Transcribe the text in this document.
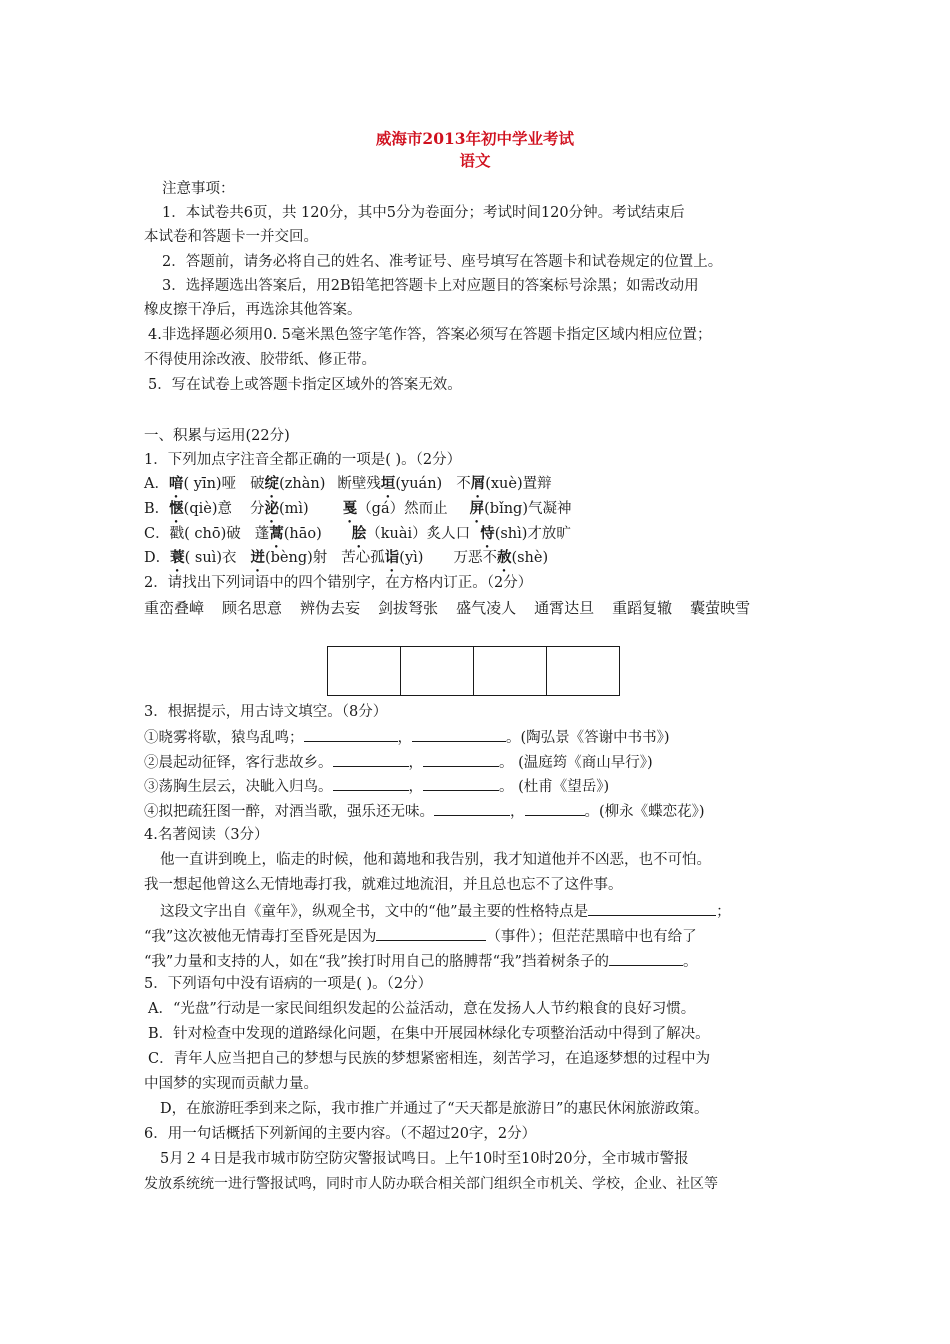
威海市2013年初中学业考试
语文
注意事项：
1．本试卷共6页，共 120分，其中5分为卷面分；考试时间120分钟。考试结束后
本试卷和答题卡一并交回。
2．答题前，请务必将自己的姓名、准考证号、座号填写在答题卡和试卷规定的位置上。
3．选择题选出答案后，用2B铅笔把答题卡上对应题目的答案标号涂黑；如需改动用
橡皮擦干净后，再选涂其他答案。
4.非选择题必须用0. 5毫米黑色签字笔作答，答案必须写在答题卡指定区域内相应位置；
不得使用涂改液、胶带纸、修正带。
5．写在试卷上或答题卡指定区域外的答案无效。
一、积累与运用(22分)
1．下列加点字注音全都正确的一项是( )。（2分）
A．喑( yīn)哑 破绽(zhàn) 断壁残垣(yuán) 不屑(xuè)置辩
B．惬(qiè)意 分泌(mì) 戛（gá）然而止 屏(bǐng)气凝神
C．戳( chō)破 蓬蒿(hāo) 脍（kuài）炙人口 恃(shì)才放旷
D．蓑( suì)衣 迸(bèng)射 苦心孤诣(yì) 万恶不赦(shè)
2．请找出下列词语中的四个错别字，在方格内订正。（2分）
重峦叠嶂 顾名思意 辨伪去妄 剑拔弩张 盛气凌人 通霄达旦 重蹈复辙 囊萤映雪

3．根据提示，用古诗文填空。（8分）
①晓雾将歇，猿鸟乱鸣；	，	。(陶弘景《答谢中书书》)
②晨起动征铎，客行悲故乡。	，	。 (温庭筠《商山早行》)
③荡胸生层云，决眦入归鸟。	，	。 (杜甫《望岳》)
④拟把疏狂图一醉，对酒当歌，强乐还无味。	，	。(柳永《蝶恋花》)
4.名著阅读（3分）
他一直讲到晚上，临走的时候，他和蔼地和我告别，我才知道他并不凶恶，也不可怕。
我一想起他曾这么无情地毒打我，就难过地流泪，并且总也忘不了这件事。
这段文字出自《童年》，纵观全书，文中的“他”最主要的性格特点是	；
“我”这次被他无情毒打至昏死是因为	（事件）；但茫茫黑暗中也有给了
“我”力量和支持的人，如在“我”挨打时用自己的胳膊帮“我”挡着树条子的	。
5．下列语句中没有语病的一项是( )。（2分）
A．“光盘”行动是一家民间组织发起的公益活动，意在发扬人人节约粮食的良好习惯。
B．针对检查中发现的道路绿化问题，在集中开展园林绿化专项整治活动中得到了解决。
C．青年人应当把自己的梦想与民族的梦想紧密相连，刻苦学习，在追逐梦想的过程中为
中国梦的实现而贡献力量。
D，在旅游旺季到来之际，我市推广并通过了“天天都是旅游日”的惠民休闲旅游政策。
6．用一句话概括下列新闻的主要内容。（不超过20字，2分）
5月２４日是我市城市防空防灾警报试鸣日。上午10时至10时20分，全市城市警报
发放系统统一进行警报试鸣，同时市人防办联合相关部门组织全市机关、学校，企业、社区等
